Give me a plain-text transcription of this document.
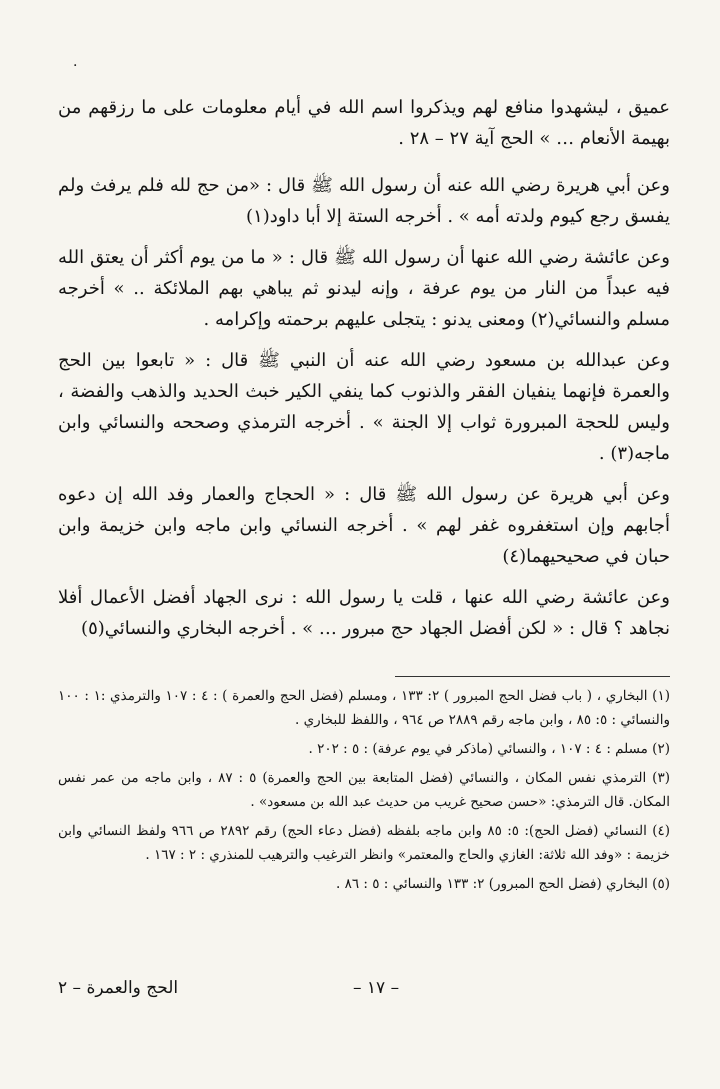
·

عميق ، ليشهدوا منافع لهم ويذكروا اسم الله في أيام معلومات على ما رزقهم من بهيمة الأنعام … » الحج آية ٢٧ – ٢٨ .

وعن أبي هريرة رضي الله عنه أن رسول الله ﷺ قال : «من حج لله فلم يرفث ولم يفسق رجع كيوم ولدته أمه » . أخرجه الستة إلا أبا داود(١)

وعن عائشة رضي الله عنها أن رسول الله ﷺ قال : « ما من يوم أكثر أن يعتق الله فيه عبداً من النار من يوم عرفة ، وإنه ليدنو ثم يباهي بهم الملائكة .. » أخرجه مسلم والنسائي(٢) ومعنى يدنو : يتجلى عليهم برحمته وإكرامه .

وعن عبدالله بن مسعود رضي الله عنه أن النبي ﷺ قال : « تابعوا بين الحج والعمرة فإنهما ينفيان الفقر والذنوب كما ينفي الكير خبث الحديد والذهب والفضة ، وليس للحجة المبرورة ثواب إلا الجنة » . أخرجه الترمذي وصححه والنسائي وابن ماجه(٣) .

وعن أبي هريرة عن رسول الله ﷺ قال : « الحجاج والعمار وفد الله إن دعوه أجابهم وإن استغفروه غفر لهم » . أخرجه النسائي وابن ماجه وابن خزيمة وابن حبان في صحيحيهما(٤)

وعن عائشة رضي الله عنها ، قلت يا رسول الله : نرى الجهاد أفضل الأعمال أفلا نجاهد ؟ قال : « لكن أفضل الجهاد حج مبرور … » . أخرجه البخاري والنسائي(٥)

(١) البخاري ، ( باب فضل الحج المبرور ) ٢: ١٣٣ ، ومسلم (فضل الحج والعمرة ) : ٤ : ١٠٧ والترمذي :١ : ١٠٠ والنسائي : ٥: ٨٥ ، وابن ماجه رقم ٢٨٨٩ ص ٩٦٤ ، واللفظ للبخاري .

(٢) مسلم : ٤ : ١٠٧ ، والنسائي (ماذكر في يوم عرفة) : ٥ : ٢٠٢ .

(٣) الترمذي نفس المكان ، والنسائي (فضل المتابعة بين الحج والعمرة) ٥ : ٨٧ ، وابن ماجه من عمر نفس المكان. قال الترمذي: «حسن صحيح غريب من حديث عبد الله بن مسعود» .

(٤) النسائي (فضل الحج): ٥: ٨٥ وابن ماجه بلفظه (فضل دعاء الحج) رقم ٢٨٩٢ ص ٩٦٦ ولفظ النسائي وابن خزيمة : «وفد الله ثلاثة: الغازي والحاج والمعتمر» وانظر الترغيب والترهيب للمنذري : ٢ : ١٦٧ .

(٥) البخاري (فضل الحج المبرور) ٢: ١٣٣ والنسائي : ٥ : ٨٦ .

الحج والعمرة – ٢	– ١٧ –
